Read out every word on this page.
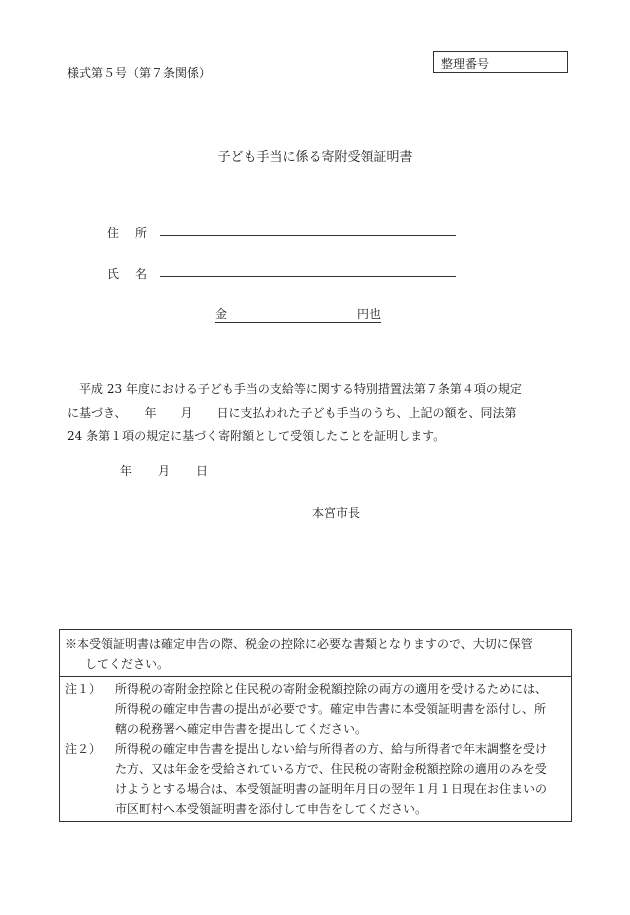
様式第５号（第７条関係）
整理番号
子ども手当に係る寄附受領証明書
住 所
氏 名
金	円也
　平成 23 年度における子ども手当の支給等に関する特別措置法第７条第４項の規定
に基づき、　　年　　月　　日に支払われた子ども手当のうち、上記の額を、同法第
24 条第１項の規定に基づく寄附額として受領したことを証明します。
年 月 日
本宮市長
※本受領証明書は確定申告の際、税金の控除に必要な書類となりますので、大切に保管
してください。
注１）	所得税の寄附金控除と住民税の寄附金税額控除の両方の適用を受けるためには、
所得税の確定申告書の提出が必要です。確定申告書に本受領証明書を添付し、所
轄の税務署へ確定申告書を提出してください。
注２）	所得税の確定申告書を提出しない給与所得者の方、給与所得者で年末調整を受け
た方、又は年金を受給されている方で、住民税の寄附金税額控除の適用のみを受
けようとする場合は、本受領証明書の証明年月日の翌年１月１日現在お住まいの
市区町村へ本受領証明書を添付して申告をしてください。
